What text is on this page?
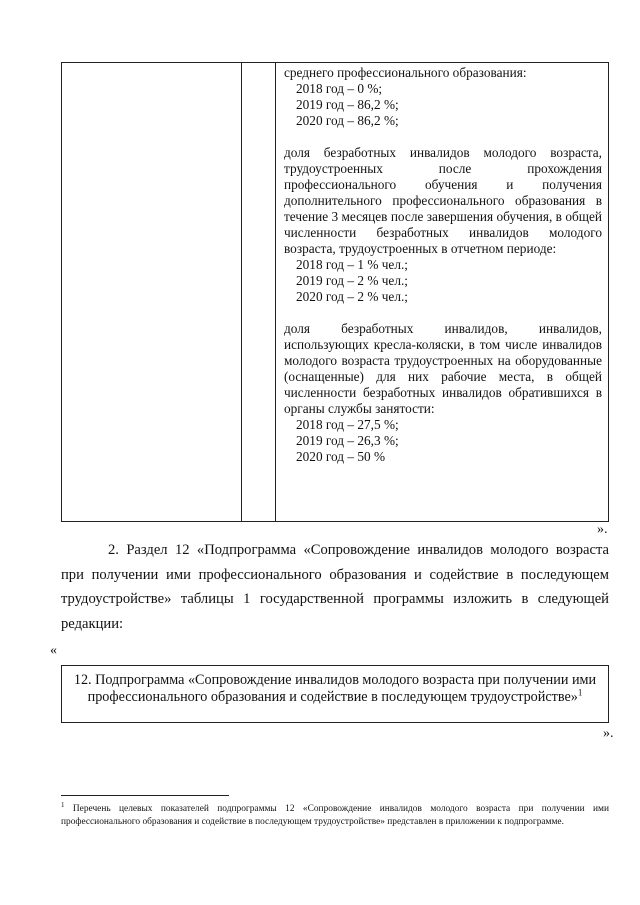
среднего профессионального образования:
2018 год – 0 %;
2019 год – 86,2 %;
2020 год – 86,2 %;
доля безработных инвалидов молодого возраста, трудоустроенных после прохождения профессионального обучения и получения дополнительного профессионального образования в течение 3 месяцев после завершения обучения, в общей численности безработных инвалидов молодого возраста, трудоустроенных в отчетном периоде:
2018 год – 1 % чел.;
2019 год – 2 % чел.;
2020 год – 2 % чел.;
доля безработных инвалидов, инвалидов, использующих кресла-коляски, в том числе инвалидов молодого возраста трудоустроенных на оборудованные (оснащенные) для них рабочие места, в общей численности безработных инвалидов обратившихся в органы службы занятости:
2018 год – 27,5 %;
2019 год – 26,3 %;
2020 год – 50 %
».
2. Раздел 12 «Подпрограмма «Сопровождение инвалидов молодого возраста при получении ими профессионального образования и содействие в последующем трудоустройстве» таблицы 1 государственной программы изложить в следующей редакции:
«
12. Подпрограмма «Сопровождение инвалидов молодого возраста при получении ими профессионального образования и содействие в последующем трудоустройстве»$^1$
».
$^1$ Перечень целевых показателей подпрограммы 12 «Сопровождение инвалидов молодого возраста при получении ими профессионального образования и содействие в последующем трудоустройстве» представлен в приложении к подпрограмме.
